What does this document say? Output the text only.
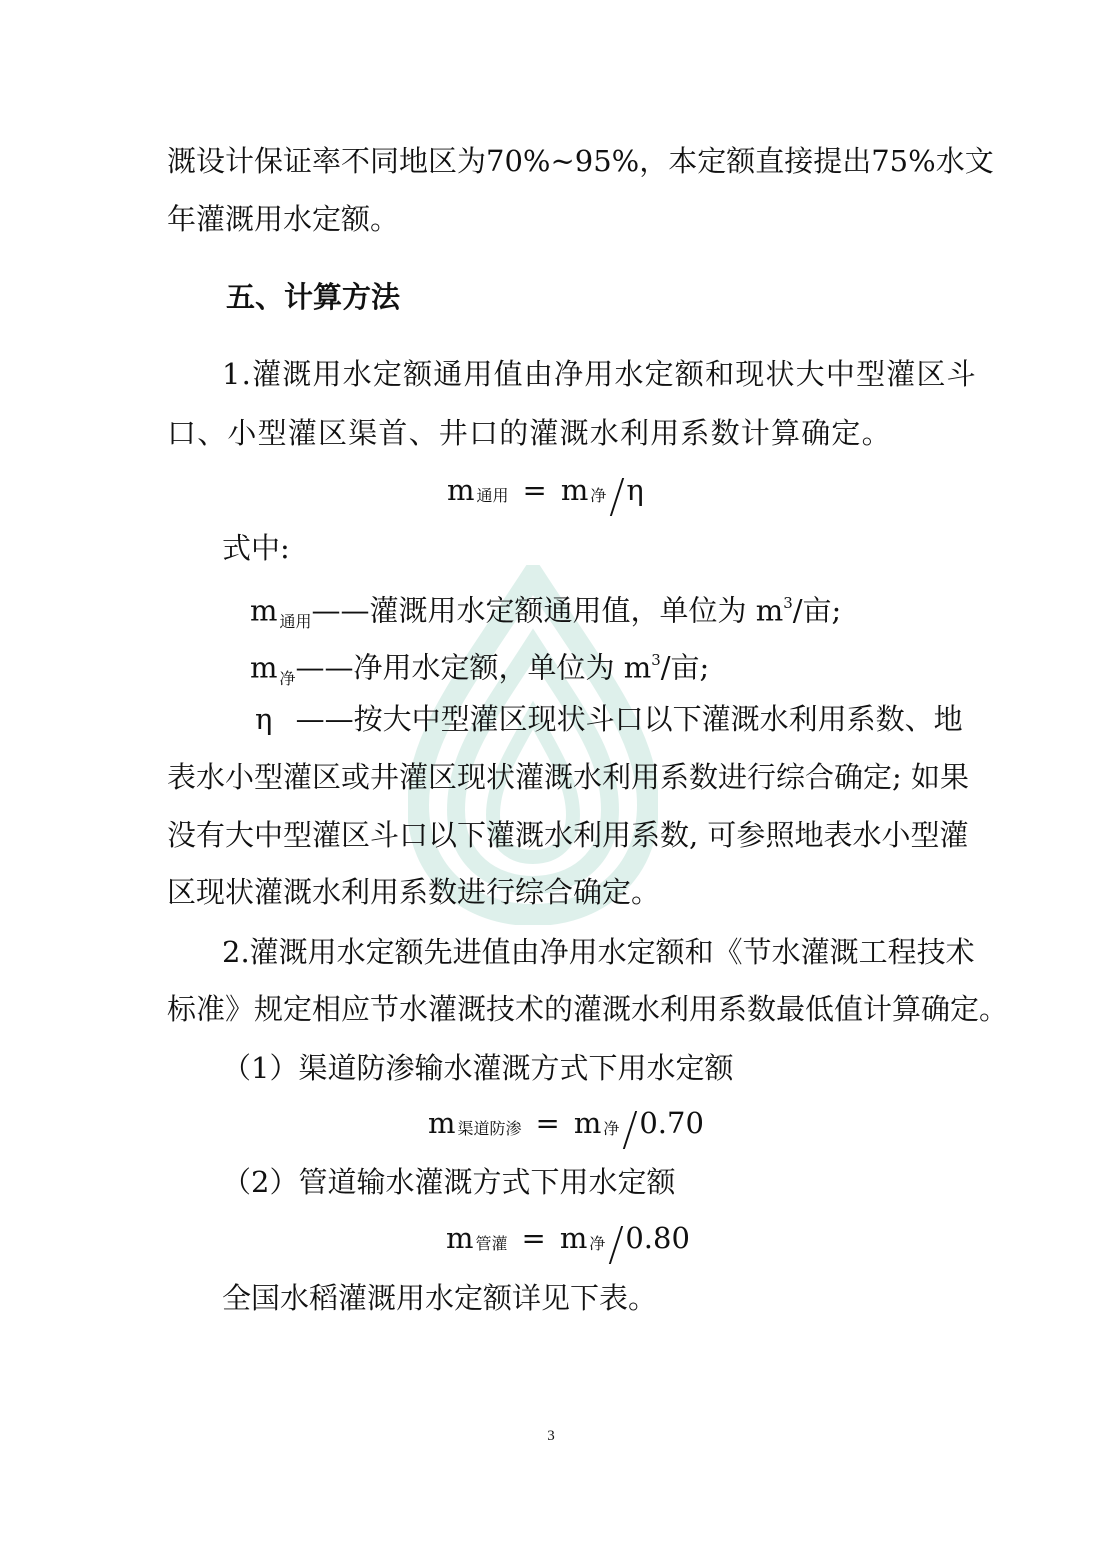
溉设计保证率不同地区为 70%~95%，本定额直接提出 75%水文
年灌溉用水定额。
五、计算方法
1.灌溉用水定额通用值由净用水定额和现状大中型灌区斗
口、小型灌区渠首、井口的灌溉水利用系数计算确定。
m 通用 = m 净 η
式中:
m $_{通用}$——灌溉用水定额通用值，单位为 $m^3/$亩;
m $_净$——净用水定额，单位为 $m^3/$亩;
η ——按大中型灌区现状斗口以下灌溉水利用系数、地
表水小型灌区或井灌区现状灌溉水利用系数进行综合确定; 如果
没有大中型灌区斗口以下灌溉水利用系数, 可参照地表水小型灌
区现状灌溉水利用系数进行综合确定。
2.灌溉用水定额先进值由净用水定额和《节水灌溉工程技术
标准》规定相应节水灌溉技术的灌溉水利用系数最低值计算确定。
（1）渠道防渗输水灌溉方式下用水定额
m 渠道防渗 = m 净 0.70
（2）管道输水灌溉方式下用水定额
m 管灌 = m 净 0.80
全国水稻灌溉用水定额详见下表。
3
